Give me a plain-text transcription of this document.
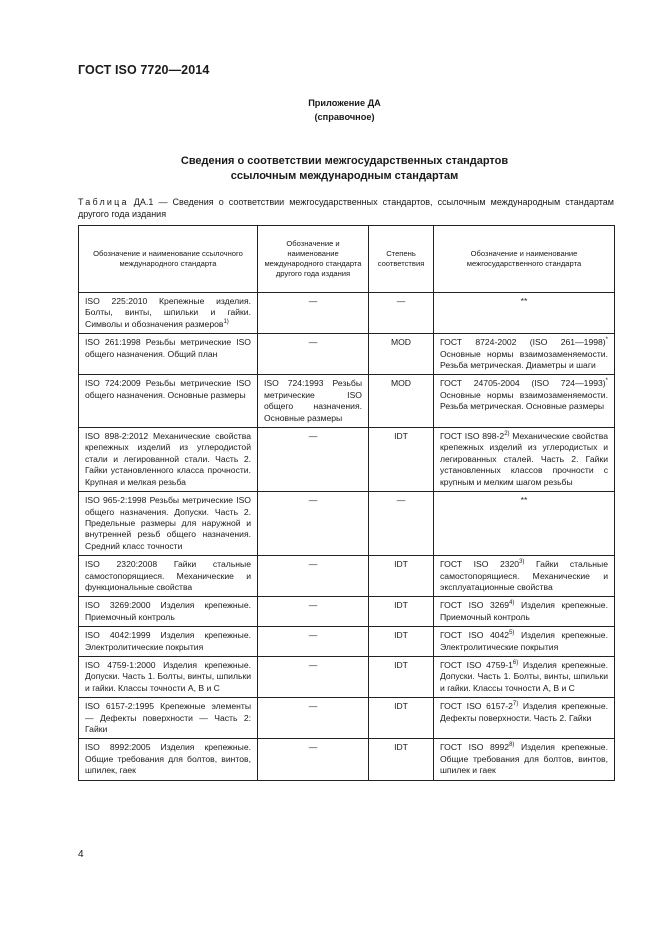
ГОСТ ISO 7720—2014
Приложение ДА
(справочное)
Сведения о соответствии межгосударственных стандартов
ссылочным международным стандартам
Таблица ДА.1 — Сведения о соответствии межгосударственных стандартов, ссылочным международным стандартам другого года издания
Обозначение и наименование ссылочного международного стандарта	Обозначение и наименование международного стандарта другого года издания	Степень соответствия	Обозначение и наименование межгосударственного стандарта
ISO 225:2010 Крепежные изделия. Болты, винты, шпильки и гайки. Символы и обозначения размеров$^{1)}$	—	—	**
ISO 261:1998 Резьбы метрические ISO общего назначения. Общий план	—	MOD	ГОСТ 8724-2002 (ISO 261—1998)* Основные нормы взаимозаменяемости. Резьба метрическая. Диаметры и шаги
ISO 724:2009 Резьбы метрические ISO общего назначения. Основные размеры	ISO 724:1993 Резьбы метрические ISO общего назначения. Основные размеры	MOD	ГОСТ 24705-2004 (ISO 724—1993)* Основные нормы взаимозаменяемости. Резьба метрическая. Основные размеры
ISO 898-2:2012 Механические свойства крепежных изделий из углеродистой стали и легированной стали. Часть 2. Гайки установленного класса прочности. Крупная и мелкая резьба	—	IDT	ГОСТ ISO 898-2$^{2)}$ Механические свойства крепежных изделий из углеродистых и легированных сталей. Часть 2. Гайки установленных классов прочности с крупным и мелким шагом резьбы
ISO 965-2:1998 Резьбы метрические ISO общего назначения. Допуски. Часть 2. Предельные размеры для наружной и внутренней резьб общего назначения. Средний класс точности	—	—	**
ISO 2320:2008 Гайки стальные самостопорящиеся. Механические и функциональные свойства	—	IDT	ГОСТ ISO 2320$^{3)}$ Гайки стальные самостопорящиеся. Механические и эксплуатационные свойства
ISO 3269:2000 Изделия крепежные. Приемочный контроль	—	IDT	ГОСТ ISO 3269$^{4)}$ Изделия крепежные. Приемочный контроль
ISO 4042:1999 Изделия крепежные. Электролитические покрытия	—	IDT	ГОСТ ISO 4042$^{5)}$ Изделия крепежные. Электролитические покрытия
ISO 4759-1:2000 Изделия крепежные. Допуски. Часть 1. Болты, винты, шпильки и гайки. Классы точности A, B и C	—	IDT	ГОСТ ISO 4759-1$^{6)}$ Изделия крепежные. Допуски. Часть 1. Болты, винты, шпильки и гайки. Классы точности A, B и C
ISO 6157-2:1995 Крепежные элементы — Дефекты поверхности — Часть 2: Гайки	—	IDT	ГОСТ ISO 6157-2$^{7)}$ Изделия крепежные. Дефекты поверхности. Часть 2. Гайки
ISO 8992:2005 Изделия крепежные. Общие требования для болтов, винтов, шпилек, гаек	—	IDT	ГОСТ ISO 8992$^{8)}$ Изделия крепежные. Общие требования для болтов, винтов, шпилек и гаек
4
